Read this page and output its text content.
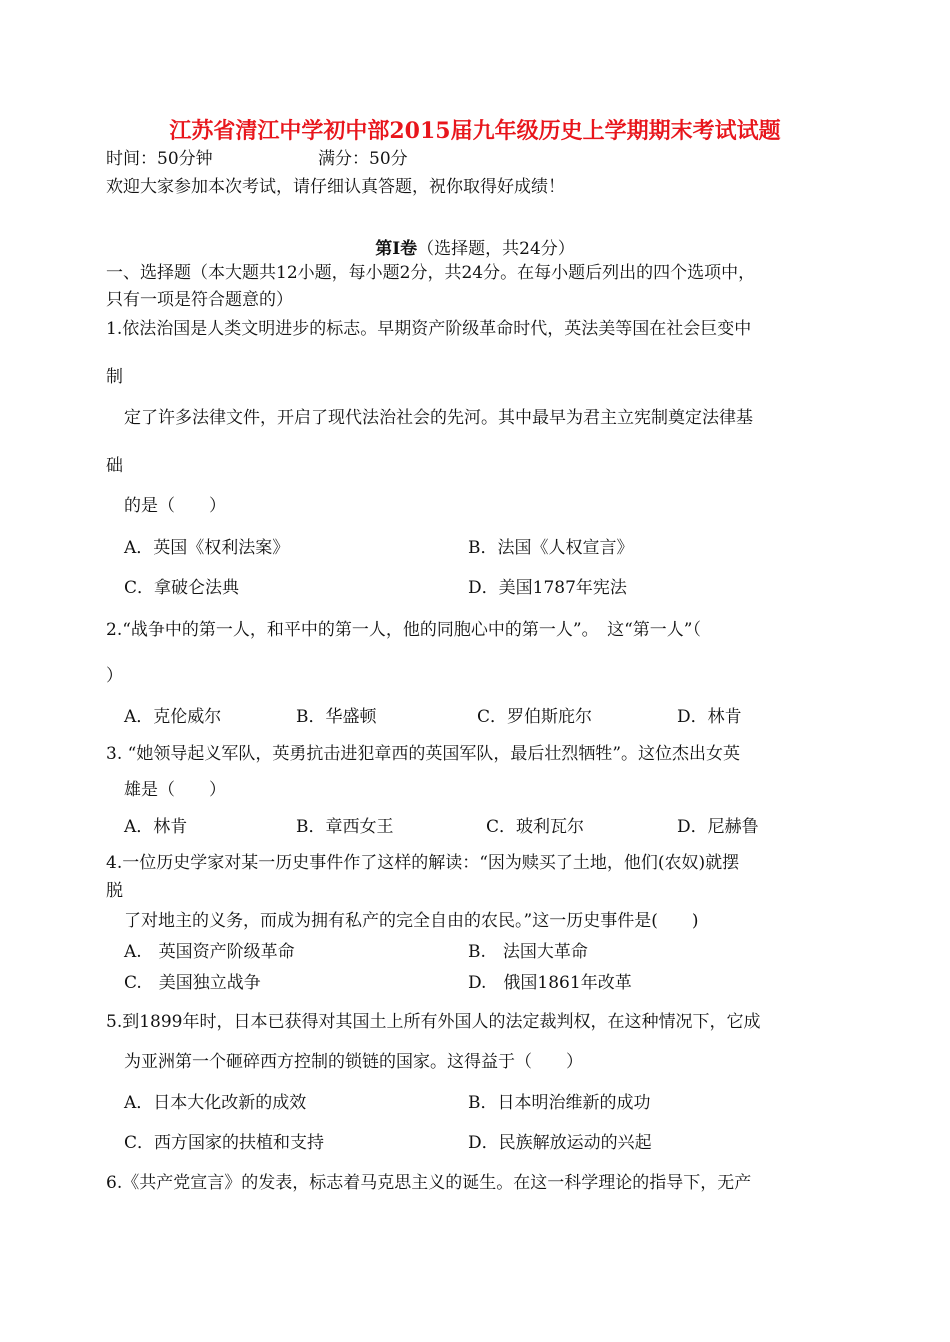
江苏省清江中学初中部2015届九年级历史上学期期末考试试题
时间：50分钟	满分：50分
欢迎大家参加本次考试，请仔细认真答题，祝你取得好成绩！
第Ⅰ卷（选择题，共24分）
一、选择题（本大题共12小题，每小题2分，共24分。在每小题后列出的四个选项中，
只有一项是符合题意的）
1.依法治国是人类文明进步的标志。早期资产阶级革命时代，英法美等国在社会巨变中
制
定了许多法律文件，开启了现代法治社会的先河。其中最早为君主立宪制奠定法律基
础
的是（　　）
A．英国《权利法案》	B．法国《人权宣言》
C．拿破仑法典	D．美国1787年宪法
2.“战争中的第一人，和平中的第一人，他的同胞心中的第一人”。　这“第一人”（
）
A．克伦威尔	B．华盛顿	C．罗伯斯庇尔	D．林肯
3. “她领导起义军队，英勇抗击进犯章西的英国军队，最后壮烈牺牲”。这位杰出女英
雄是（　　）
A．林肯	B．章西女王	C．玻利瓦尔	D．尼赫鲁
4.一位历史学家对某一历史事件作了这样的解读：“因为赎买了土地，他们(农奴)就摆
脱
了对地主的义务，而成为拥有私产的完全自由的农民。”这一历史事件是(　　)
A.　英国资产阶级革命	B.　法国大革命
C.　美国独立战争	D.　俄国1861年改革
5.到1899年时，日本已获得对其国土上所有外国人的法定裁判权，在这种情况下，它成
为亚洲第一个砸碎西方控制的锁链的国家。这得益于（　　）
A．日本大化改新的成效	B．日本明治维新的成功
C．西方国家的扶植和支持	D．民族解放运动的兴起
6.《共产党宣言》的发表，标志着马克思主义的诞生。在这一科学理论的指导下，无产
